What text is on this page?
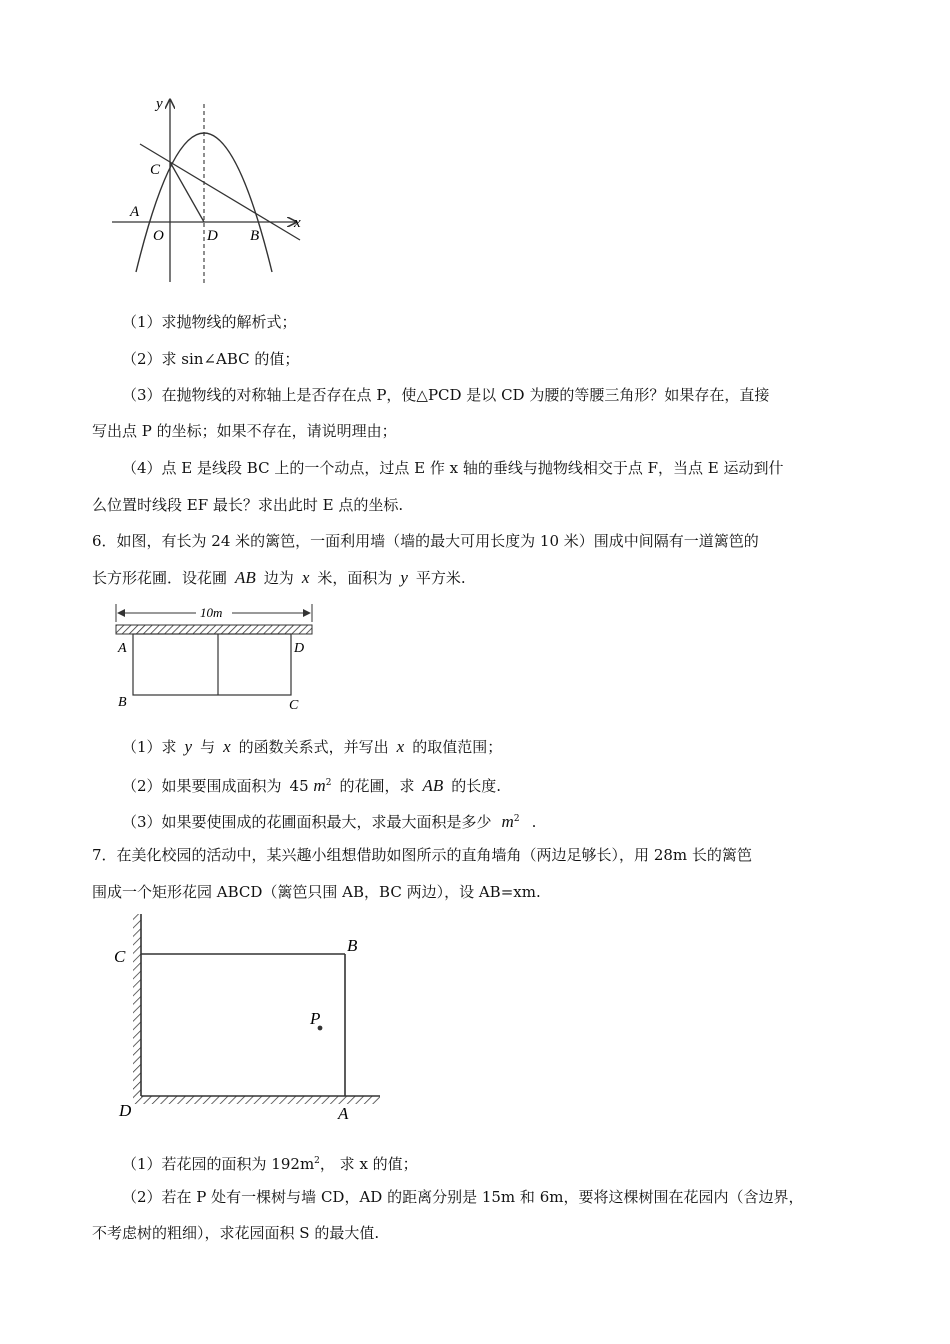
y
x
C
A
O	D B
（1）求抛物线的解析式；
（2）求 sin∠ABC 的值；
（3）在抛物线的对称轴上是否存在点 P，使△PCD 是以 CD 为腰的等腰三角形？如果存在，直接
写出点 P 的坐标；如果不存在，请说明理由；
（4）点 E 是线段 BC 上的一个动点，过点 E 作 x 轴的垂线与抛物线相交于点 F，当点 E 运动到什
么位置时线段 EF 最长？求出此时 E 点的坐标.
6．如图，有长为 24 米的篱笆，一面利用墙（墙的最大可用长度为 10 米）围成中间隔有一道篱笆的
长方形花圃．设花圃 AB 边为 x 米，面积为 y 平方米.
10m
A	D
B	C
（1）求 y 与 x 的函数关系式，并写出 x 的取值范围；
（2）如果要围成面积为 45 $m^2$ 的花圃，求 AB 的长度.
（3）如果要使围成的花圃面积最大，求最大面积是多少 $m^2$ .
7．在美化校园的活动中，某兴趣小组想借助如图所示的直角墙角（两边足够长），用 28m 长的篱笆
围成一个矩形花园 ABCD（篱笆只围 AB，BC 两边），设 AB=xm.
C
B
P
D	A
（1）若花园的面积为 $192m^2$， 求 x 的值；
（2）若在 P 处有一棵树与墙 CD，AD 的距离分别是 15m 和 6m，要将这棵树围在花园内（含边界，
不考虑树的粗细），求花园面积 S 的最大值.
